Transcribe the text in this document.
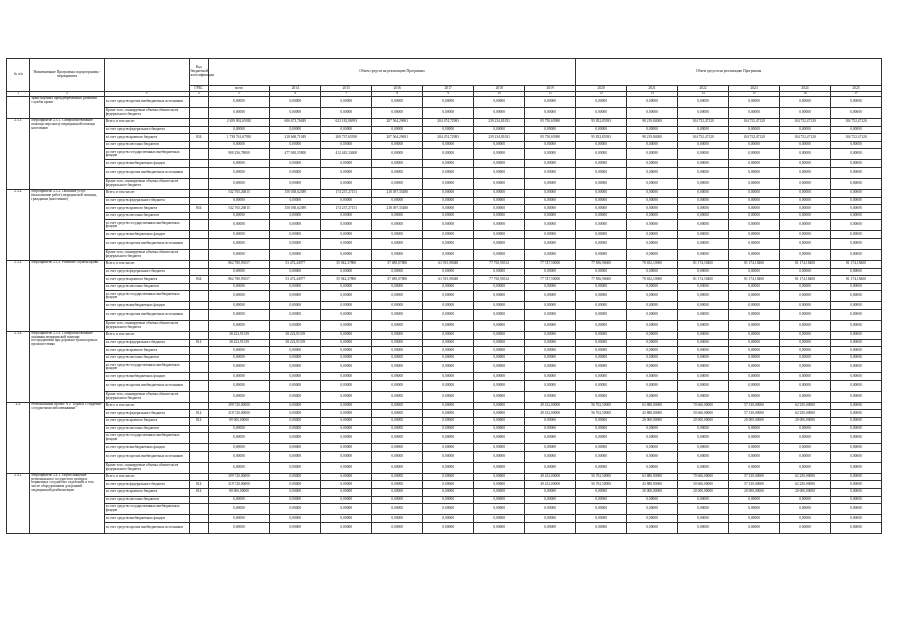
№ п/п	Наименование Программы подпрограммы - мероприятия		Код бюджетной классификации	Объем средств на реализацию Программы							Объем средств на реализацию Программы					
			ГРБС	всего	2014	2015	2016	2017	2018	2019	2020	2021	2022	2023	2024	2025
1	2	3	4	5	6	7	8	9	10	11	12	13	14	15	16	17
	транспортных преждевременных развития службы крови	за счет средств прочих внебюджетных источников		0,00000	0,00000	0,00000	0,00000	0,00000	0,00000	0,00000	0,00000	0,00000	0,00000	0,00000	0,00000	0,00000
		Кроме того, планируемые объемы обязательств федерального бюджета		0,00000	0,00000	0,00000	0,00000	0,00000	0,00000	0,00000	0,00000	0,00000	0,00000	0,00000	0,00000	0,00000
2.3.1.	Мероприятие 2.3.1. Совершенствование помощи персоналу медицинской помощи населению	Всего, в том числе:		2 659 902,65920	606 673,76849	623 182,86993	207 564,29691	204 474,72983	239 234,81031	95 750,65980	95 832,85393	98 219,84000	104 752,47120	104 752,47120	104 752,47120	104 752,47120
		за счет средств федерального бюджета		0,00000	0,00000	0,00000	0,00000	0,00000	0,00000	0,00000	0,00000	0,00000	0,00000	0,00000	0,00000	0,00000
		за счет средств краевого бюджета	834	1 738 761,67930	218 668,71049	200 737,65390	207 564,29691	204 474,72983	239 234,81031	95 750,65980	95 832,85393	98 219,84000	104 752,47120	104 752,47120	104 752,47120	104 752,47120
		за счет средств местных бюджетов		0,00000	0,00000	0,00000	0,00000	0,00000	0,00000	0,00000	0,00000	0,00000	0,00000	0,00000	0,00000	0,00000
		за счет средств государственных внебюджетных фондов		900 256,78000	477 065,55800	412 445,33600	0,00000	0,00000	0,00000	0,00000	0,00000	0,00000	0,00000	0,00000	0,00000	0,00000
		за счет средств внебюджетных фондов		0,00000	0,00000	0,00000	0,00000	0,00000	0,00000	0,00000	0,00000	0,00000	0,00000	0,00000	0,00000	0,00000
		за счет средств прочих внебюджетных источников		0,00000	0,00000	0,00000	0,00000	0,00000	0,00000	0,00000	0,00000	0,00000	0,00000	0,00000	0,00000	0,00000
		Кроме того, планируемые объемы обязательств федерального бюджета		0,00000	0,00000	0,00000	0,00000	0,00000	0,00000	0,00000	0,00000	0,00000	0,00000	0,00000	0,00000	0,00000
2.3.2.	Мероприятие 2.3.2. Оказание услуг (выполнение работ) медицинской помощи, гражданам (населению)	Всего, в том числе:		542 765,26815	150 038,62389	174 237,27151	218 497,35480	0,00000	0,00000	0,00000	0,00000	0,00000	0,00000	0,00000	0,00000	0,00000
		за счет средств федерального бюджета		0,00000	0,00000	0,00000	0,00000	0,00000	0,00000	0,00000	0,00000	0,00000	0,00000	0,00000	0,00000	0,00000
		за счет средств краевого бюджета	834	542 765,26815	150 038,62389	174 237,27151	218 497,35480	0,00000	0,00000	0,00000	0,00000	0,00000	0,00000	0,00000	0,00000	0,00000
		за счет средств местных бюджетов		0,00000	0,00000	0,00000	0,00000	0,00000	0,00000	0,00000	0,00000	0,00000	0,00000	0,00000	0,00000	0,00000
		за счет средств государственных внебюджетных фондов		0,00000	0,00000	0,00000	0,00000	0,00000	0,00000	0,00000	0,00000	0,00000	0,00000	0,00000	0,00000	0,00000
		за счет средств внебюджетных фондов		0,00000	0,00000	0,00000	0,00000	0,00000	0,00000	0,00000	0,00000	0,00000	0,00000	0,00000	0,00000	0,00000
		за счет средств прочих внебюджетных источников		0,00000	0,00000	0,00000	0,00000	0,00000	0,00000	0,00000	0,00000	0,00000	0,00000	0,00000	0,00000	0,00000
		Кроме того, планируемые объемы обязательств федерального бюджета		0,00000	0,00000	0,00000	0,00000	0,00000	0,00000	0,00000	0,00000	0,00000	0,00000	0,00000	0,00000	0,00000
2.3.3.	Мероприятие 2.3.3. Развитие службы крови	Всего, в том числе:		862 780,93557	53 472,44977	55 942,37800	57 685,07800	61 915,90048	77 765,90312	77 747,50000	77 836,96000	78 652,10000	81 174,18400	81 174,18400	81 174,18400	81 174,18400
		за счет средств федерального бюджета		0,00000	0,00000	0,00000	0,00000	0,00000	0,00000	0,00000	0,00000	0,00000	0,00000	0,00000	0,00000	0,00000
		за счет средств краевого бюджета	834	862 780,93557	53 472,44977	55 942,37800	57 685,07800	61 915,90048	77 765,90312	77 747,50000	77 836,96000	78 652,10000	81 174,18400	81 174,18400	81 174,18400	81 174,18400
		за счет средств местных бюджетов		0,00000	0,00000	0,00000	0,00000	0,00000	0,00000	0,00000	0,00000	0,00000	0,00000	0,00000	0,00000	0,00000
		за счет средств государственных внебюджетных фондов		0,00000	0,00000	0,00000	0,00000	0,00000	0,00000	0,00000	0,00000	0,00000	0,00000	0,00000	0,00000	0,00000
		за счет средств внебюджетных фондов		0,00000	0,00000	0,00000	0,00000	0,00000	0,00000	0,00000	0,00000	0,00000	0,00000	0,00000	0,00000	0,00000
		за счет средств прочих внебюджетных источников		0,00000	0,00000	0,00000	0,00000	0,00000	0,00000	0,00000	0,00000	0,00000	0,00000	0,00000	0,00000	0,00000
		Кроме того, планируемые объемы обязательств федерального бюджета		0,00000	0,00000	0,00000	0,00000	0,00000	0,00000	0,00000	0,00000	0,00000	0,00000	0,00000	0,00000	0,00000
2.3.4.	Мероприятие 2.3.4. Совершенствование оказания медицинской помощи пострадавшим при дорожно-транспортных происшествиях	Всего, в том числе:		38 222,91339	38 222,91339	0,00000	0,00000	0,00000	0,00000	0,00000	0,00000	0,00000	0,00000	0,00000	0,00000	0,00000
		за счет средств федерального бюджета	814	38 222,91339	38 222,91339	0,00000	0,00000	0,00000	0,00000	0,00000	0,00000	0,00000	0,00000	0,00000	0,00000	0,00000
		за счет средств краевого бюджета		0,00000	0,00000	0,00000	0,00000	0,00000	0,00000	0,00000	0,00000	0,00000	0,00000	0,00000	0,00000	0,00000
		за счет средств местных бюджетов		0,00000	0,00000	0,00000	0,00000	0,00000	0,00000	0,00000	0,00000	0,00000	0,00000	0,00000	0,00000	0,00000
		за счет средств государственных внебюджетных фондов		0,00000	0,00000	0,00000	0,00000	0,00000	0,00000	0,00000	0,00000	0,00000	0,00000	0,00000	0,00000	0,00000
		за счет средств внебюджетных фондов		0,00000	0,00000	0,00000	0,00000	0,00000	0,00000	0,00000	0,00000	0,00000	0,00000	0,00000	0,00000	0,00000
		за счет средств прочих внебюджетных источников		0,00000	0,00000	0,00000	0,00000	0,00000	0,00000	0,00000	0,00000	0,00000	0,00000	0,00000	0,00000	0,00000
		Кроме того, планируемые объемы обязательств федерального бюджета		0,00000	0,00000	0,00000	0,00000	0,00000	0,00000	0,00000	0,00000	0,00000	0,00000	0,00000	0,00000	0,00000
2.4.	Региональный проект N 2 "Борьба с сердечно-сосудистыми заболеваниями"	Всего, в том числе:		399 720,00000	0,00000	0,00000	0,00000	0,00000	0,00000	49 412,00000	56 762,50000	63 880,00000	70 660,00000	57 130,00000	62 250,00000	0,00000
		за счет средств федерального бюджета	814	319 720,00000	0,00000	0,00000	0,00000	0,00000	0,00000	49 412,00000	56 762,50000	43 880,00000	50 660,00000	57 130,00000	62 250,00000	0,00000
		за счет средств краевого бюджета	814	80 000,00000	0,00000	0,00000	0,00000	0,00000	0,00000	0,00000	0,00000	20 000,00000	20 000,00000	20 000,00000	20 000,00000	0,00000
		за счет средств местных бюджетов		0,00000	0,00000	0,00000	0,00000	0,00000	0,00000	0,00000	0,00000	0,00000	0,00000	0,00000	0,00000	0,00000
		за счет средств государственных внебюджетных фондов		0,00000	0,00000	0,00000	0,00000	0,00000	0,00000	0,00000	0,00000	0,00000	0,00000	0,00000	0,00000	0,00000
		за счет средств внебюджетных фондов		0,00000	0,00000	0,00000	0,00000	0,00000	0,00000	0,00000	0,00000	0,00000	0,00000	0,00000	0,00000	0,00000
		за счет средств прочих внебюджетных источников		0,00000	0,00000	0,00000	0,00000	0,00000	0,00000	0,00000	0,00000	0,00000	0,00000	0,00000	0,00000	0,00000
		Кроме того, планируемые объемы обязательств федерального бюджета		0,00000	0,00000	0,00000	0,00000	0,00000	0,00000	0,00000	0,00000	0,00000	0,00000	0,00000	0,00000	0,00000
2.4.1.	Мероприятие 2.4.1. Переоснащение регионального сосудистого центра и первичных сосудистых отделений, в том числе оборудованием для ранней медицинской реабилитации	Всего, в том числе:		399 720,00000	0,00000	0,00000	0,00000	0,00000	0,00000	49 412,00000	56 762,50000	63 880,00000	70 660,00000	57 130,00000	62 250,00000	0,00000
		за счет средств федерального бюджета	814	319 720,00000	0,00000	0,00000	0,00000	0,00000	0,00000	49 412,00000	56 762,50000	43 880,00000	50 660,00000	57 130,00000	62 250,00000	0,00000
		за счет средств краевого бюджета	814	80 000,00000	0,00000	0,00000	0,00000	0,00000	0,00000	0,00000	0,00000	20 000,00000	20 000,00000	20 000,00000	20 000,00000	0,00000
		за счет средств местных бюджетов		0,00000	0,00000	0,00000	0,00000	0,00000	0,00000	0,00000	0,00000	0,00000	0,00000	0,00000	0,00000	0,00000
		за счет средств государственных внебюджетных фондов		0,00000	0,00000	0,00000	0,00000	0,00000	0,00000	0,00000	0,00000	0,00000	0,00000	0,00000	0,00000	0,00000
		за счет средств внебюджетных фондов		0,00000	0,00000	0,00000	0,00000	0,00000	0,00000	0,00000	0,00000	0,00000	0,00000	0,00000	0,00000	0,00000
		за счет средств прочих внебюджетных источников		0,00000	0,00000	0,00000	0,00000	0,00000	0,00000	0,00000	0,00000	0,00000	0,00000	0,00000	0,00000	0,00000
